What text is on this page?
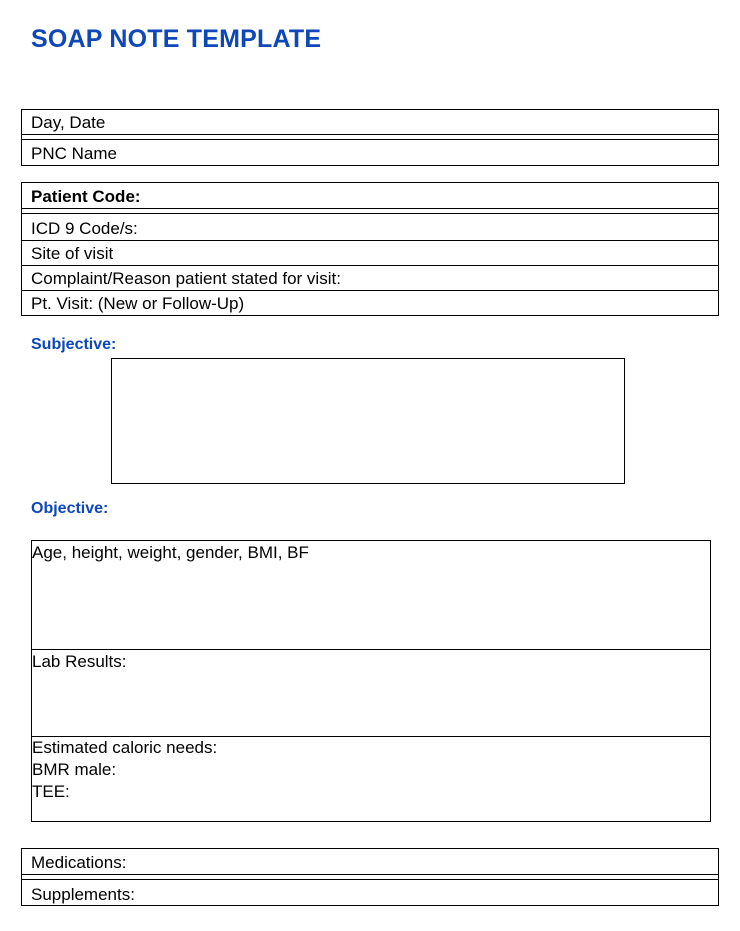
SOAP NOTE TEMPLATE
Day, Date
PNC Name
Patient Code:
ICD 9 Code/s:
Site of visit
Complaint/Reason patient stated for visit:
Pt. Visit: (New or Follow-Up)
Subjective:
Objective:
Age, height, weight, gender, BMI, BF
Lab Results:
Estimated caloric needs:
BMR male:
TEE:
Medications:
Supplements:
